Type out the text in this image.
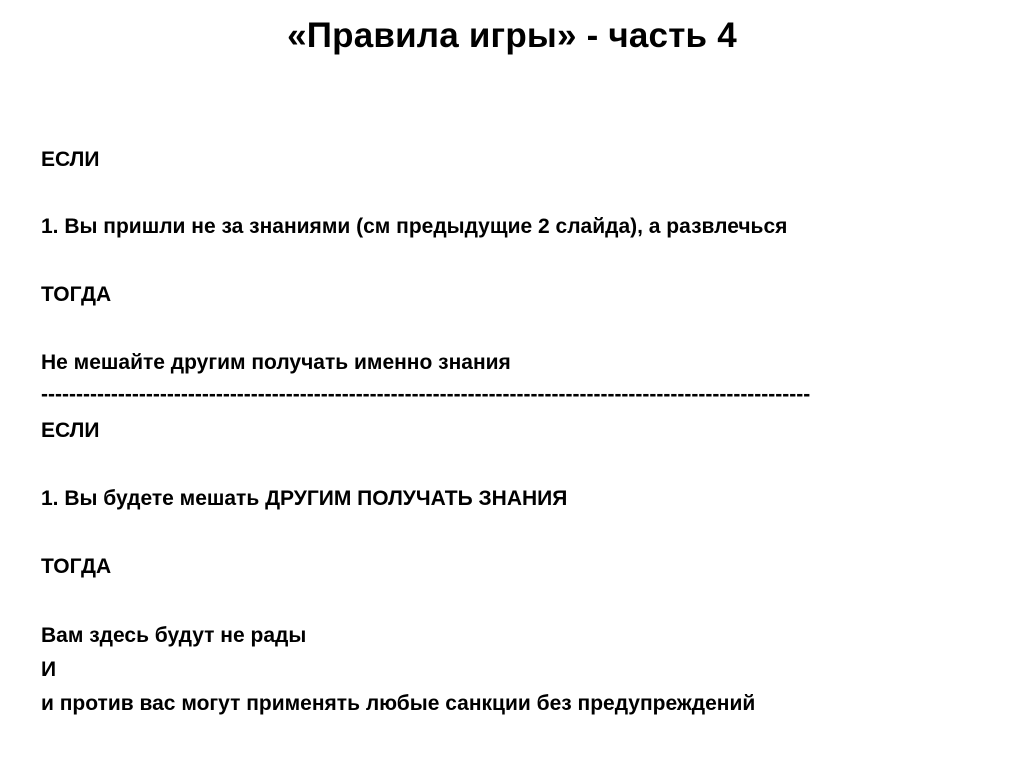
«Правила игры» - часть 4
ЕСЛИ
1. Вы пришли не за знаниями (см предыдущие 2 слайда), а развлечься
ТОГДА
Не мешайте другим получать именно знания
--------------------------------------------------------------------------------------------------------------
ЕСЛИ
1. Вы будете мешать ДРУГИМ ПОЛУЧАТЬ ЗНАНИЯ
ТОГДА
Вам здесь будут не рады
И
и против вас могут применять любые санкции без предупреждений
